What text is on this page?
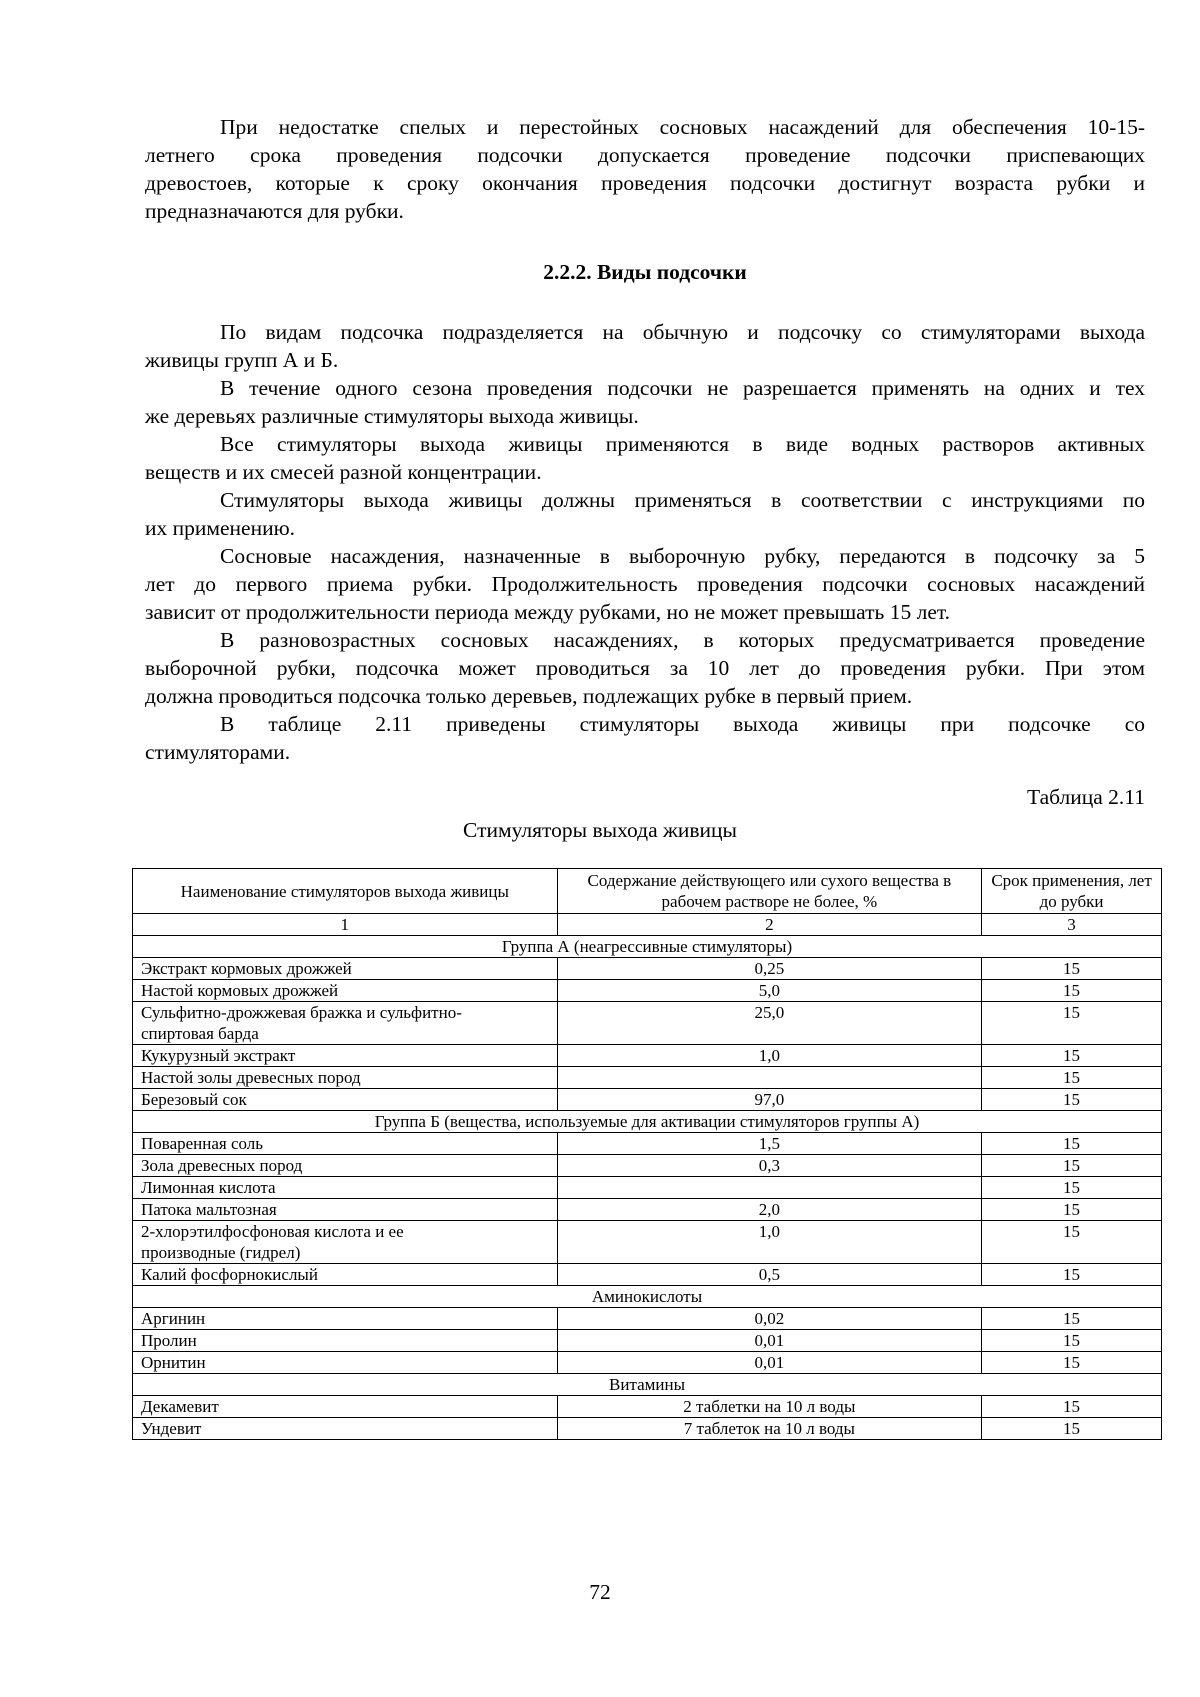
При недостатке спелых и перестойных сосновых насаждений для обеспечения 10-15-
летнего срока проведения подсочки допускается проведение подсочки приспевающих
древостоев, которые к сроку окончания проведения подсочки достигнут возраста рубки и
предназначаются для рубки.
2.2.2. Виды подсочки
По видам подсочка подразделяется на обычную и подсочку со стимуляторами выхода
живицы групп А и Б.
В течение одного сезона проведения подсочки не разрешается применять на одних и тех
же деревьях различные стимуляторы выхода живицы.
Все стимуляторы выхода живицы применяются в виде водных растворов активных
веществ и их смесей разной концентрации.
Стимуляторы выхода живицы должны применяться в соответствии с инструкциями по
их применению.
Сосновые насаждения, назначенные в выборочную рубку, передаются в подсочку за 5
лет до первого приема рубки. Продолжительность проведения подсочки сосновых насаждений
зависит от продолжительности периода между рубками, но не может превышать 15 лет.
В разновозрастных сосновых насаждениях, в которых предусматривается проведение
выборочной рубки, подсочка может проводиться за 10 лет до проведения рубки. При этом
должна проводиться подсочка только деревьев, подлежащих рубке в первый прием.
В таблице 2.11 приведены стимуляторы выхода живицы при подсочке со
стимуляторами.
Таблица 2.11
Стимуляторы выхода живицы
Наименование стимуляторов выхода живицы	Содержание действующего или сухого вещества в рабочем растворе не более, %	Срок применения, лет до рубки
1	2	3
Группа А (неагрессивные стимуляторы)		
Экстракт кормовых дрожжей	0,25	15
Настой кормовых дрожжей	5,0	15

Сульфитно-дрожжевая бражка и сульфитно-
спиртовая барда	25,0	15
Кукурузный экстракт	1,0	15
Настой золы древесных пород		15
Березовый сок	97,0	15
Группа Б (вещества, используемые для активации стимуляторов группы А)		
Поваренная соль	1,5	15
Зола древесных пород	0,3	15
Лимонная кислота		15
Патока мальтозная	2,0	15

2-хлорэтилфосфоновая кислота и ее
производные (гидрел)	1,0	15
Калий фосфорнокислый	0,5	15
Аминокислоты		
Аргинин	0,02	15
Пролин	0,01	15
Орнитин	0,01	15
Витамины		
Декамевит	2 таблетки на 10 л воды	15
Ундевит	7 таблеток на 10 л воды	15
72
